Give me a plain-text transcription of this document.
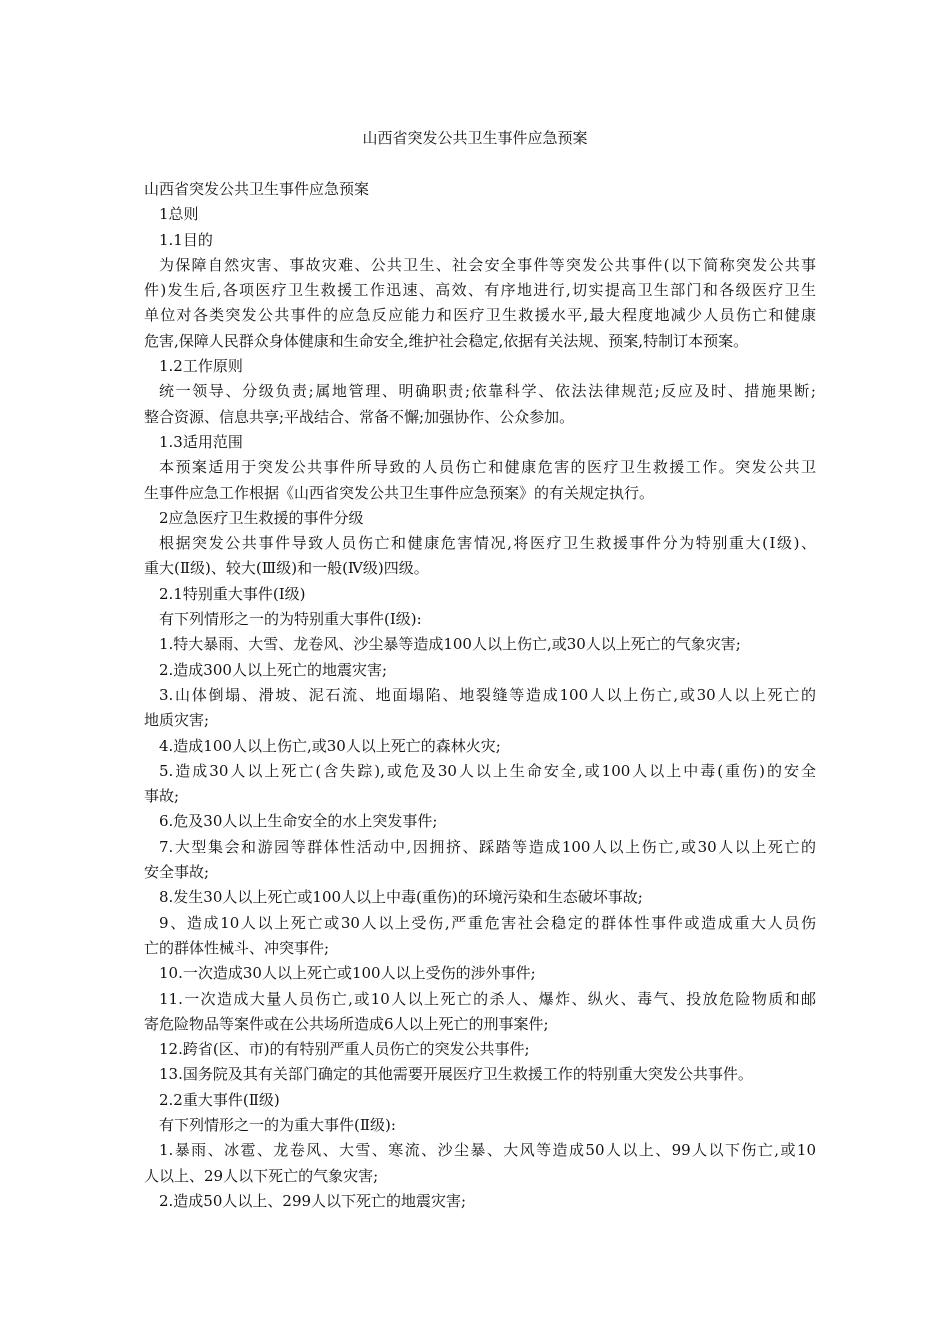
山西省突发公共卫生事件应急预案
山西省突发公共卫生事件应急预案
1总则
1.1目的
为保障自然灾害、事故灾难、公共卫生、社会安全事件等突发公共事件(以下简称突发公共事
件)发生后,各项医疗卫生救援工作迅速、高效、有序地进行,切实提高卫生部门和各级医疗卫生
单位对各类突发公共事件的应急反应能力和医疗卫生救援水平,最大程度地减少人员伤亡和健康
危害,保障人民群众身体健康和生命安全,维护社会稳定,依据有关法规、预案,特制订本预案。
1.2工作原则
统一领导、分级负责;属地管理、明确职责;依靠科学、依法法律规范;反应及时、措施果断;
整合资源、信息共享;平战结合、常备不懈;加强协作、公众参加。
1.3适用范围
本预案适用于突发公共事件所导致的人员伤亡和健康危害的医疗卫生救援工作。突发公共卫
生事件应急工作根据《山西省突发公共卫生事件应急预案》的有关规定执行。
2应急医疗卫生救援的事件分级
根据突发公共事件导致人员伤亡和健康危害情况,将医疗卫生救援事件分为特别重大(Ⅰ级)、
重大(Ⅱ级)、较大(Ⅲ级)和一般(Ⅳ级)四级。
2.1特别重大事件(Ⅰ级)
有下列情形之一的为特别重大事件(Ⅰ级):
1.特大暴雨、大雪、龙卷风、沙尘暴等造成100人以上伤亡,或30人以上死亡的气象灾害;
2.造成300人以上死亡的地震灾害;
3.山体倒塌、滑坡、泥石流、地面塌陷、地裂缝等造成100人以上伤亡,或30人以上死亡的
地质灾害;
4.造成100人以上伤亡,或30人以上死亡的森林火灾;
5.造成30人以上死亡(含失踪),或危及30人以上生命安全,或100人以上中毒(重伤)的安全
事故;
6.危及30人以上生命安全的水上突发事件;
7.大型集会和游园等群体性活动中,因拥挤、踩踏等造成100人以上伤亡,或30人以上死亡的
安全事故;
8.发生30人以上死亡或100人以上中毒(重伤)的环境污染和生态破坏事故;
9、造成10人以上死亡或30人以上受伤,严重危害社会稳定的群体性事件或造成重大人员伤
亡的群体性械斗、冲突事件;
10.一次造成30人以上死亡或100人以上受伤的涉外事件;
11.一次造成大量人员伤亡,或10人以上死亡的杀人、爆炸、纵火、毒气、投放危险物质和邮
寄危险物品等案件或在公共场所造成6人以上死亡的刑事案件;
12.跨省(区、市)的有特别严重人员伤亡的突发公共事件;
13.国务院及其有关部门确定的其他需要开展医疗卫生救援工作的特别重大突发公共事件。
2.2重大事件(Ⅱ级)
有下列情形之一的为重大事件(Ⅱ级):
1.暴雨、冰雹、龙卷风、大雪、寒流、沙尘暴、大风等造成50人以上、99人以下伤亡,或10
人以上、29人以下死亡的气象灾害;
2.造成50人以上、299人以下死亡的地震灾害;
